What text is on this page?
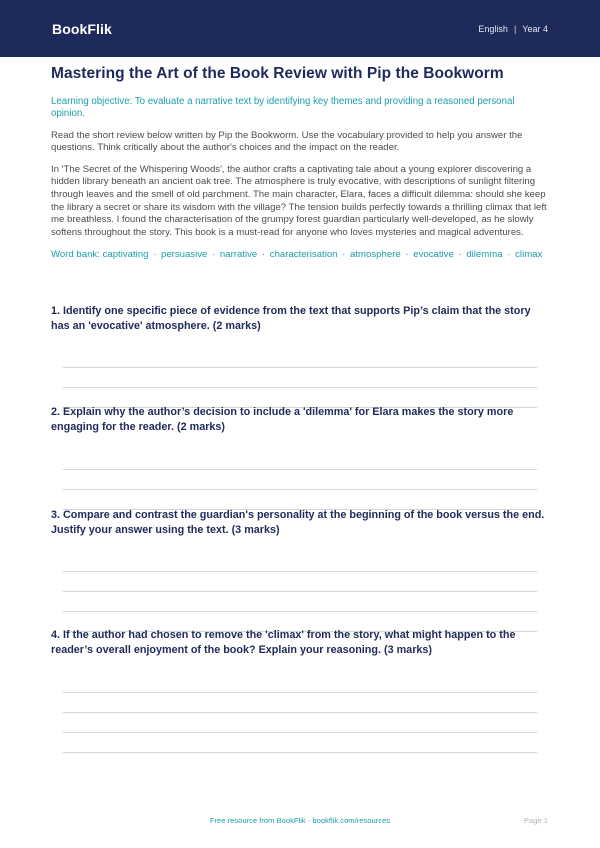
BookFlik	English | Year 4
Mastering the Art of the Book Review with Pip the Bookworm

Learning objective: To evaluate a narrative text by identifying key themes and providing a reasoned personal opinion.

Read the short review below written by Pip the Bookworm. Use the vocabulary provided to help you answer the questions. Think critically about the author's choices and the impact on the reader.

In 'The Secret of the Whispering Woods', the author crafts a captivating tale about a young explorer discovering a hidden library beneath an ancient oak tree. The atmosphere is truly evocative, with descriptions of sunlight filtering through leaves and the smell of old parchment. The main character, Elara, faces a difficult dilemma: should she keep the library a secret or share its wisdom with the village? The tension builds perfectly towards a thrilling climax that left me breathless. I found the characterisation of the grumpy forest guardian particularly well-developed, as he slowly softens throughout the story. This book is a must-read for anyone who loves mysteries and magical adventures.

Word bank: captivating · persuasive · narrative · characterisation · atmosphere · evocative · dilemma · climax

1. Identify one specific piece of evidence from the text that supports Pip’s claim that the story has an 'evocative' atmosphere. (2 marks)
2. Explain why the author’s decision to include a 'dilemma' for Elara makes the story more engaging for the reader. (2 marks)
3. Compare and contrast the guardian's personality at the beginning of the book versus the end. Justify your answer using the text. (3 marks)
4. If the author had chosen to remove the 'climax' from the story, what might happen to the reader’s overall enjoyment of the book? Explain your reasoning. (3 marks)
Free resource from BookFlik · bookflik.com/resources	Page 1
